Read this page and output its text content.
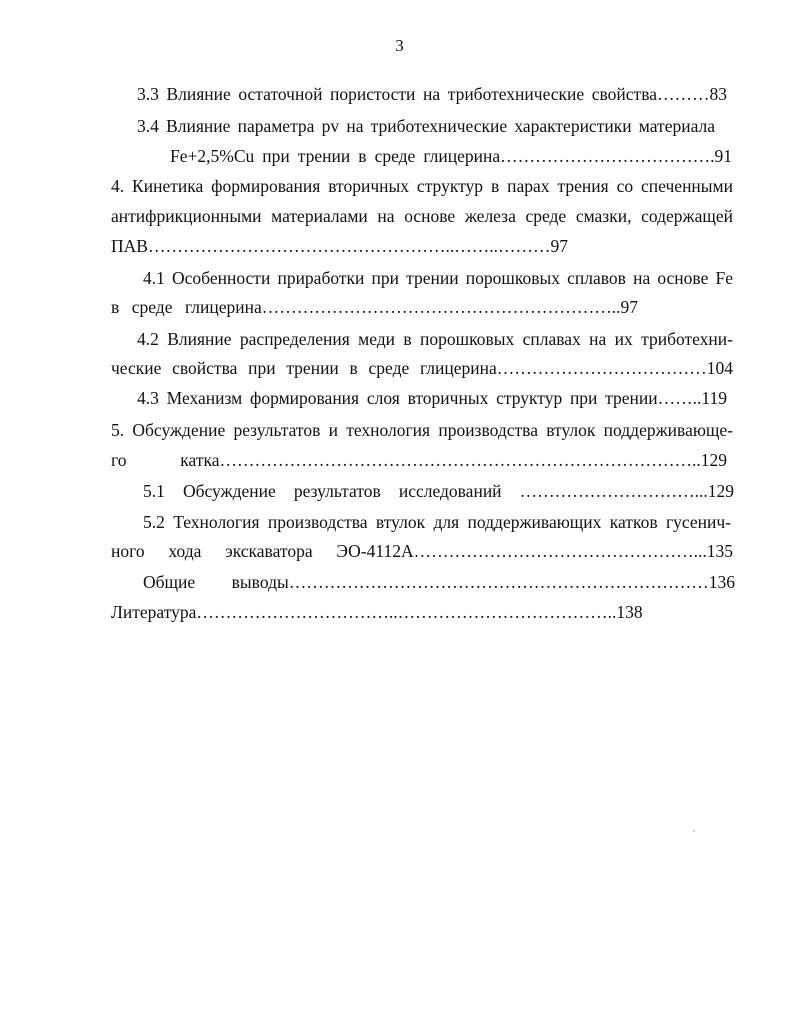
3
3.3 Влияние остаточной пористости на триботехнические свойства………83
3.4 Влияние параметра pv на триботехнические характеристики материала
Fe+2,5%Cu при трении в среде глицерина……………………………….91
4. Кинетика формирования вторичных структур в парах трения со спеченными
антифрикционными материалами на основе железа среде смазки, содержащей
ПАВ……………………………………………..……..………97
4.1 Особенности приработки при трении порошковых сплавов на основе Fe
в среде глицерина……………………………………………………..97
4.2 Влияние распределения меди в порошковых сплавах на их триботехни-
ческие свойства при трении в среде глицерина………………………………104
4.3 Механизм формирования слоя вторичных структур при трении……..119
5. Обсуждение результатов и технология производства втулок поддерживающе-
го катка………………………………………………………………………..129
5.1 Обсуждение результатов исследований …………………………...129
5.2 Технология производства втулок для поддерживающих катков гусенич-
ного хода экскаватора ЭО-4112А…………………………………………...135
Общие выводы………………………………………………………………136
Литература……………………………..………………………………..138
